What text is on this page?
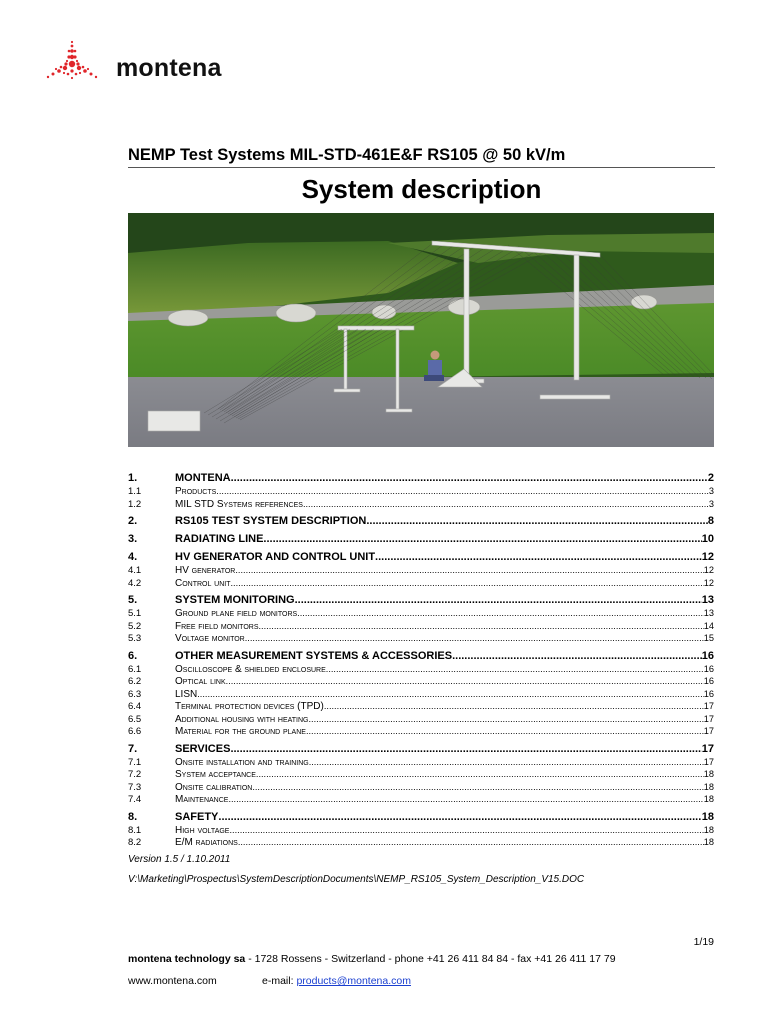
montena
NEMP Test Systems MIL-STD-461E&F RS105 @ 50 kV/m
System description
1.	MONTENA .....	2
1.1	Products .....	3
1.2	MIL STD Systems references .....	3
2.	RS105 TEST SYSTEM DESCRIPTION .....	8
3.	RADIATING LINE .....	10
4.	HV GENERATOR AND CONTROL UNIT .....	12
4.1	HV generator .....	12
4.2	Control unit .....	12
5.	SYSTEM MONITORING .....	13
5.1	Ground plane field monitors .....	13
5.2	Free field monitors .....	14
5.3	Voltage monitor .....	15
6.	OTHER MEASUREMENT SYSTEMS & ACCESSORIES .....	16
6.1	Oscilloscope & shielded enclosure .....	16
6.2	Optical link .....	16
6.3	LISN .....	16
6.4	Terminal protection devices (TPD) .....	17
6.5	Additional housing with heating .....	17
6.6	Material for the ground plane .....	17
7.	SERVICES .....	17
7.1	Onsite installation and training .....	17
7.2	System acceptance .....	18
7.3	Onsite calibration .....	18
7.4	Maintenance .....	18
8.	SAFETY .....	18
8.1	High voltage .....	18
8.2	E/M radiations .....	18
Version 1.5 / 1.10.2011
V:\Marketing\Prospectus\SystemDescriptionDocuments\NEMP_RS105_System_Description_V15.DOC
1/19
montena technology sa - 1728 Rossens - Switzerland - phone +41 26 411 84 84 - fax +41 26 411 17 79
www.montena.com	e-mail: products@montena.com
